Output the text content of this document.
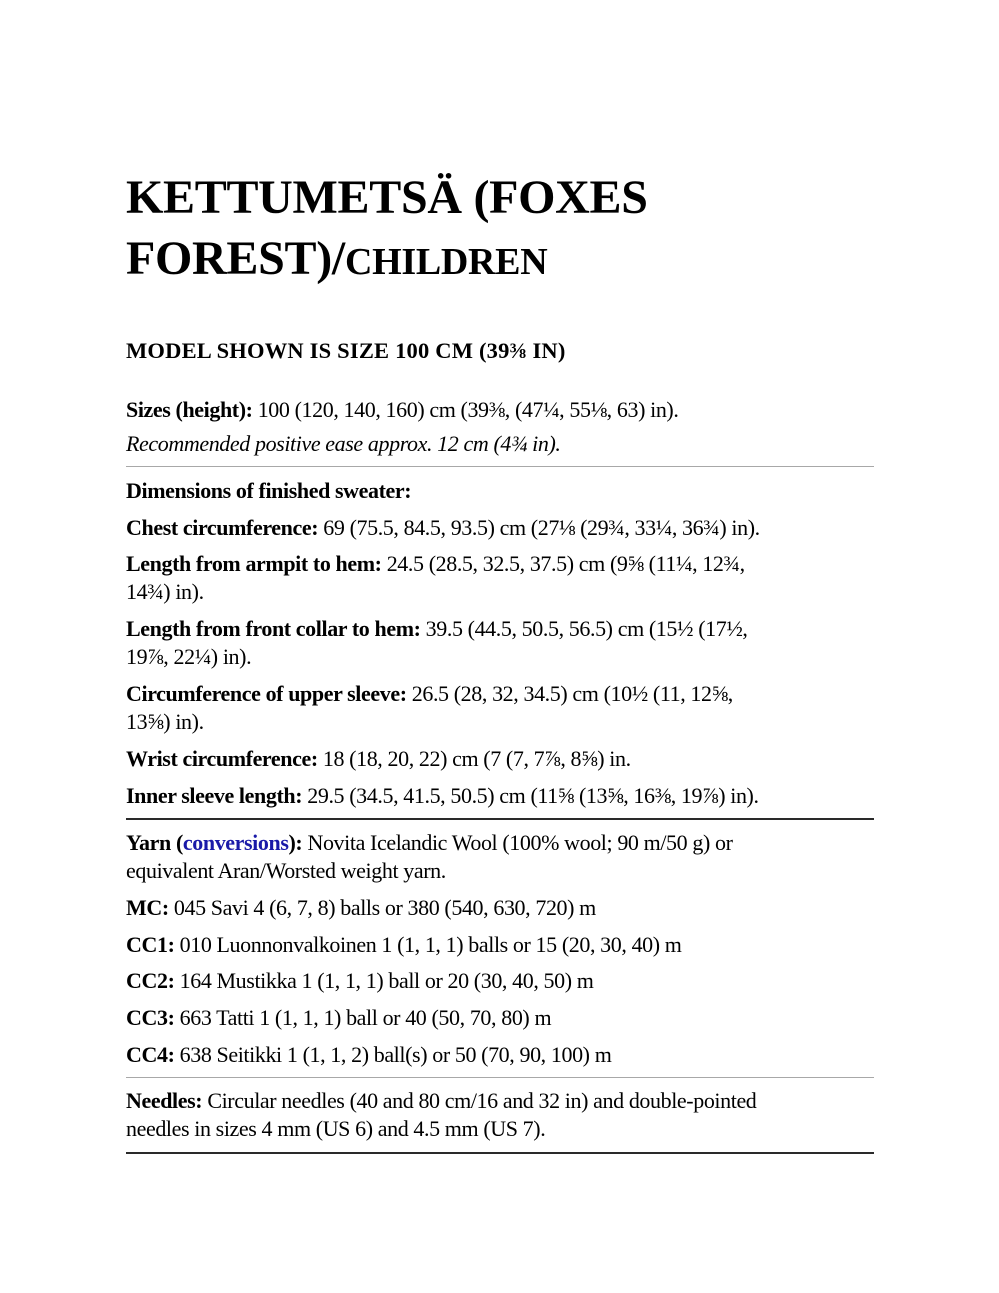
KETTUMETSÄ (FOXES
FOREST)/CHILDREN
MODEL SHOWN IS SIZE 100 CM (39⅜ IN)

Sizes (height): 100 (120, 140, 160) cm (39⅜, (47¼, 55⅛, 63) in).

Recommended positive ease approx. 12 cm (4¾ in).

Dimensions of finished sweater:

Chest circumference: 69 (75.5, 84.5, 93.5) cm (27⅛ (29¾, 33¼, 36¾) in).

Length from armpit to hem: 24.5 (28.5, 32.5, 37.5) cm (9⅝ (11¼, 12¾,
14¾) in).

Length from front collar to hem: 39.5 (44.5, 50.5, 56.5) cm (15½ (17½,
19⅞, 22¼) in).

Circumference of upper sleeve: 26.5 (28, 32, 34.5) cm (10½ (11, 12⅝,
13⅝) in).

Wrist circumference: 18 (18, 20, 22) cm (7 (7, 7⅞, 8⅝) in.

Inner sleeve length: 29.5 (34.5, 41.5, 50.5) cm (11⅝ (13⅝, 16⅜, 19⅞) in).

Yarn (conversions): Novita Icelandic Wool (100% wool; 90 m/50 g) or
equivalent Aran/Worsted weight yarn.

MC: 045 Savi 4 (6, 7, 8) balls or 380 (540, 630, 720) m

CC1: 010 Luonnonvalkoinen 1 (1, 1, 1) balls or 15 (20, 30, 40) m

CC2: 164 Mustikka 1 (1, 1, 1) ball or 20 (30, 40, 50) m

CC3: 663 Tatti 1 (1, 1, 1) ball or 40 (50, 70, 80) m

CC4: 638 Seitikki 1 (1, 1, 2) ball(s) or 50 (70, 90, 100) m

Needles: Circular needles (40 and 80 cm/16 and 32 in) and double-pointed
needles in sizes 4 mm (US 6) and 4.5 mm (US 7).
